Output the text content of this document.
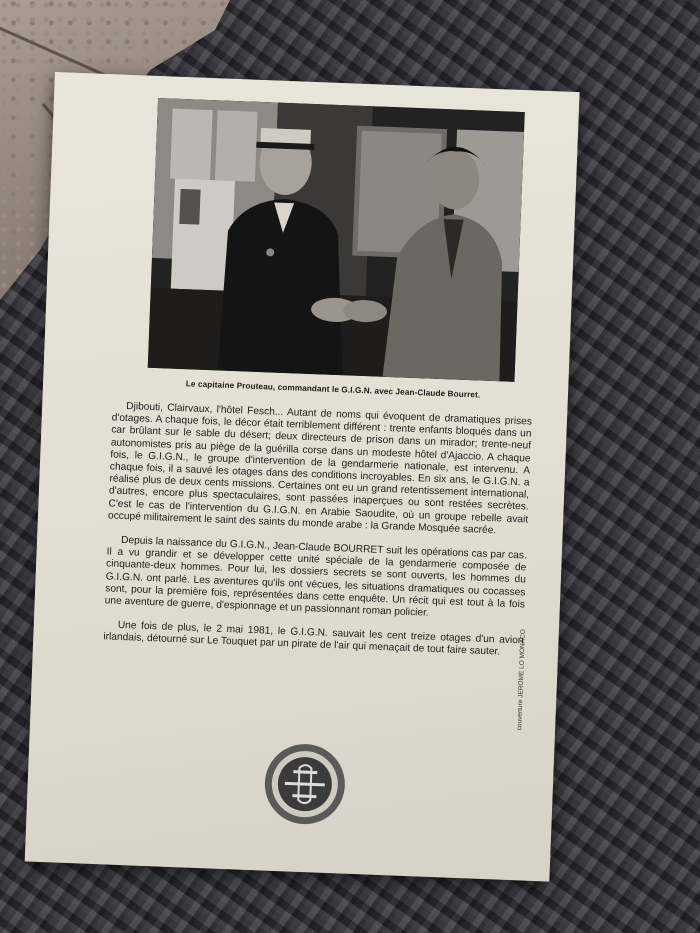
Le capitaine Prouteau, commandant le G.I.G.N. avec Jean-Claude Bourret.

Djibouti, Clairvaux, l'hôtel Fesch... Autant de noms qui évoquent de dramatiques prises d'otages. A chaque fois, le décor était terriblement différent : trente enfants bloqués dans un car brûlant sur le sable du désert; deux directeurs de prison dans un mirador; trente-neuf autonomistes pris au piège de la guérilla corse dans un modeste hôtel d'Ajaccio. A chaque fois, le G.I.G.N., le groupe d'intervention de la gendarmerie nationale, est intervenu. A chaque fois, il a sauvé les otages dans des conditions incroyables. En six ans, le G.I.G.N. a réalisé plus de deux cents missions. Certaines ont eu un grand retentissement international, d'autres, encore plus spectaculaires, sont passées inaperçues ou sont restées secrètes. C'est le cas de l'intervention du G.I.G.N. en Arabie Saoudite, où un groupe rebelle avait occupé militairement le saint des saints du monde arabe : la Grande Mosquée sacrée.

Depuis la naissance du G.I.G.N., Jean-Claude BOURRET suit les opérations cas par cas. Il a vu grandir et se développer cette unité spéciale de la gendarmerie composée de cinquante-deux hommes. Pour lui, les dossiers secrets se sont ouverts, les hommes du G.I.G.N. ont parlé. Les aventures qu'ils ont vécues, les situations dramatiques ou cocasses sont, pour la première fois, représentées dans cette enquête. Un récit qui est tout à la fois une aventure de guerre, d'espionnage et un passionnant roman policier.

Une fois de plus, le 2 mai 1981, le G.I.G.N. sauvait les cent treize otages d'un avion irlandais, détourné sur Le Touquet par un pirate de l'air qui menaçait de tout faire sauter.	couverture JEROME LO MONACO
